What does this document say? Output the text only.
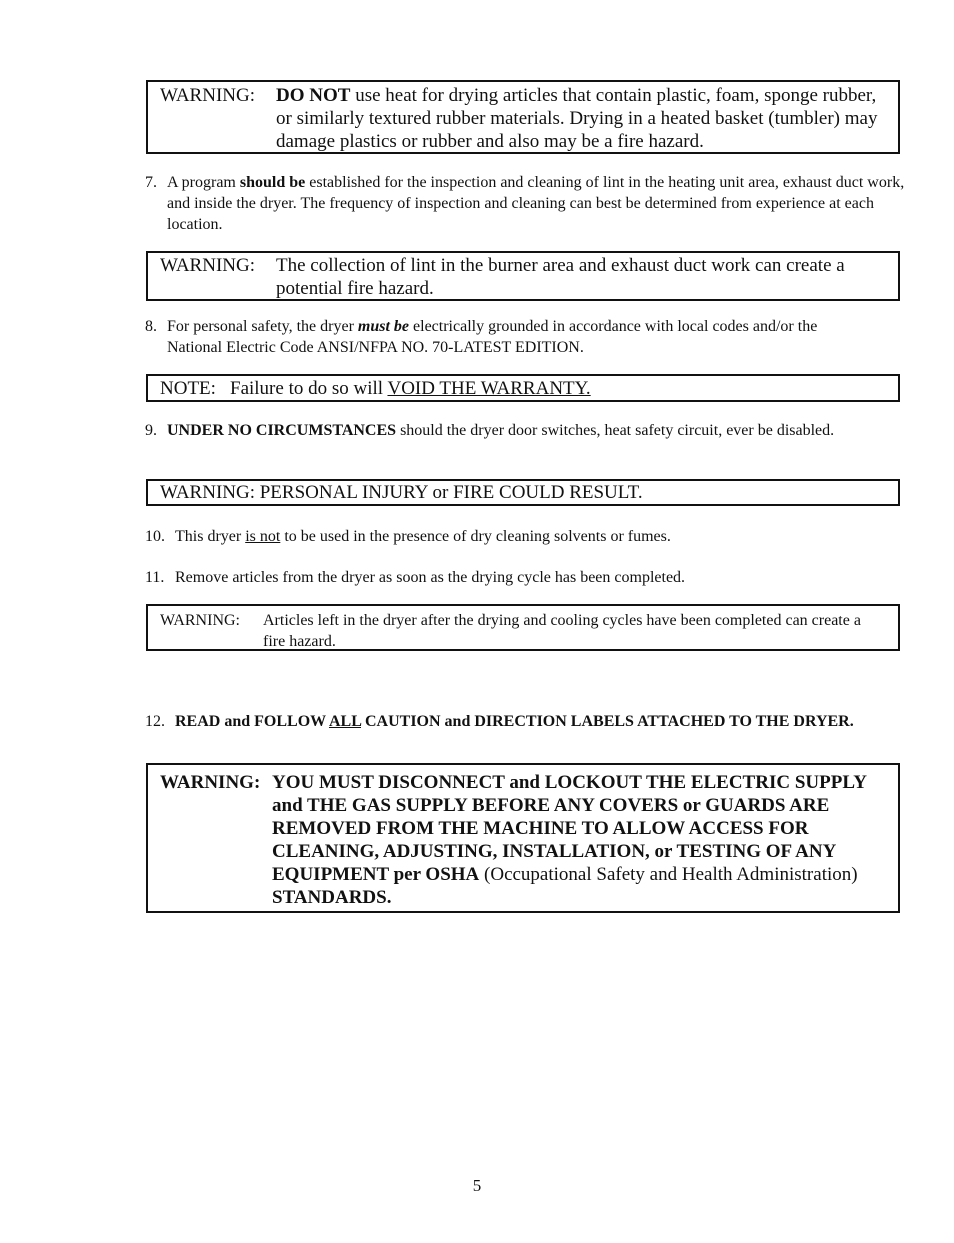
WARNING: DO NOT use heat for drying articles that contain plastic, foam, sponge rubber, or similarly textured rubber materials. Drying in a heated basket (tumbler) may damage plastics or rubber and also may be a fire hazard.
7. A program should be established for the inspection and cleaning of lint in the heating unit area, exhaust duct work, and inside the dryer. The frequency of inspection and cleaning can best be determined from experience at each location.
WARNING: The collection of lint in the burner area and exhaust duct work can create a potential fire hazard.
8. For personal safety, the dryer must be electrically grounded in accordance with local codes and/or the National Electric Code ANSI/NFPA NO. 70-LATEST EDITION.
NOTE: Failure to do so will VOID THE WARRANTY.
9. UNDER NO CIRCUMSTANCES should the dryer door switches, heat safety circuit, ever be disabled.
WARNING: PERSONAL INJURY or FIRE COULD RESULT.
10. This dryer is not to be used in the presence of dry cleaning solvents or fumes.
11. Remove articles from the dryer as soon as the drying cycle has been completed.
WARNING: Articles left in the dryer after the drying and cooling cycles have been completed can create a fire hazard.
12. READ and FOLLOW ALL CAUTION and DIRECTION LABELS ATTACHED TO THE DRYER.
WARNING: YOU MUST DISCONNECT and LOCKOUT THE ELECTRIC SUPPLY and THE GAS SUPPLY BEFORE ANY COVERS or GUARDS ARE REMOVED FROM THE MACHINE TO ALLOW ACCESS FOR CLEANING, ADJUSTING, INSTALLATION, or TESTING OF ANY EQUIPMENT per OSHA (Occupational Safety and Health Administration) STANDARDS.
5
